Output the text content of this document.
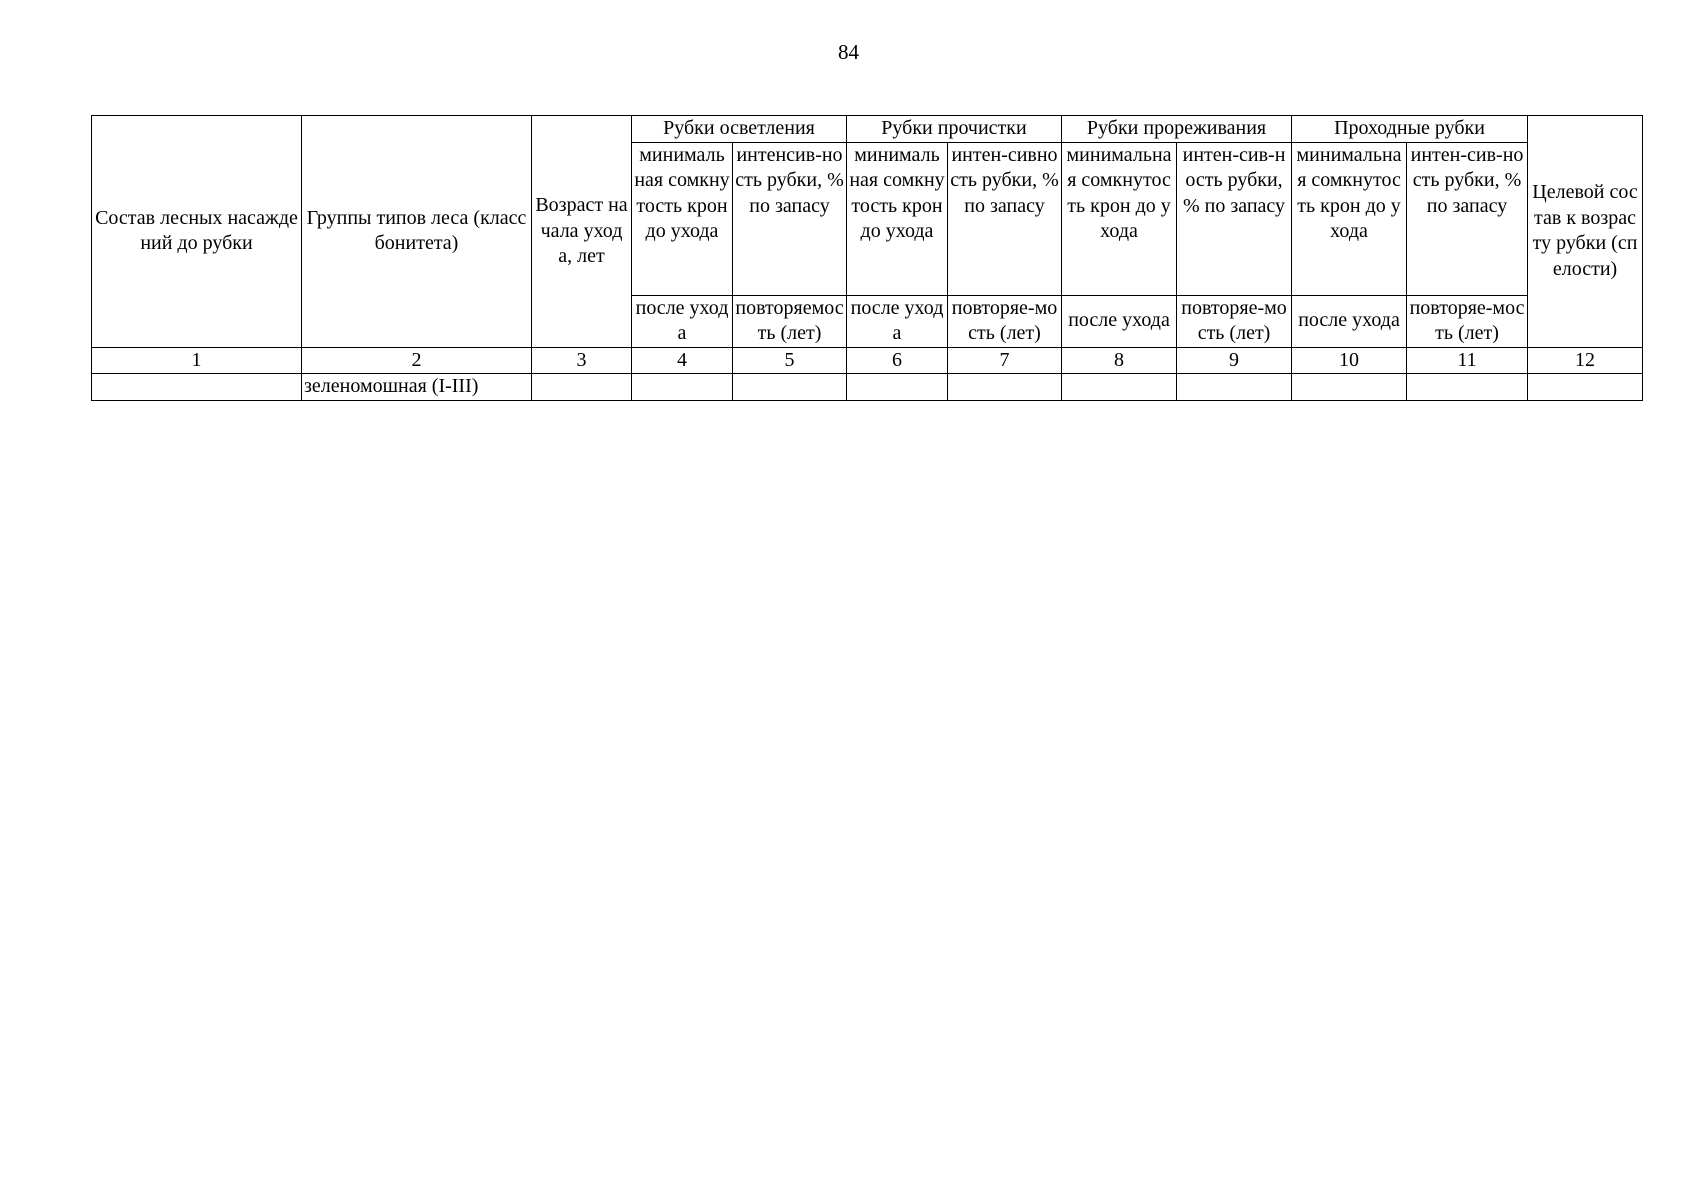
84
Состав лесных насаждений до рубки	Группы типов леса (класс бонитета)	Возраст начала ухода, лет	Рубки осветления		Рубки прочистки		Рубки прореживания		Проходные рубки		Целевой состав к возрасту рубки (спелости)
			минимальная сомкнутость крон до ухода	интенсив-ность рубки, % по запасу	минимальная сомкнутость крон до ухода	интен-сивность рубки, % по запасу	минимальная сомкнутость крон до ухода	интен-сив-ность рубки, % по запасу	минимальная сомкнутость крон до ухода	интен-сив-ность рубки, % по запасу	
			после ухода	повторяемость (лет)	после ухода	повторяе-мость (лет)	после ухода	повторяе-мость (лет)	после ухода	повторяе-мость (лет)	
1	2	3	4	5	6	7	8	9	10	11	12
	зеленомошная (I-III)										
